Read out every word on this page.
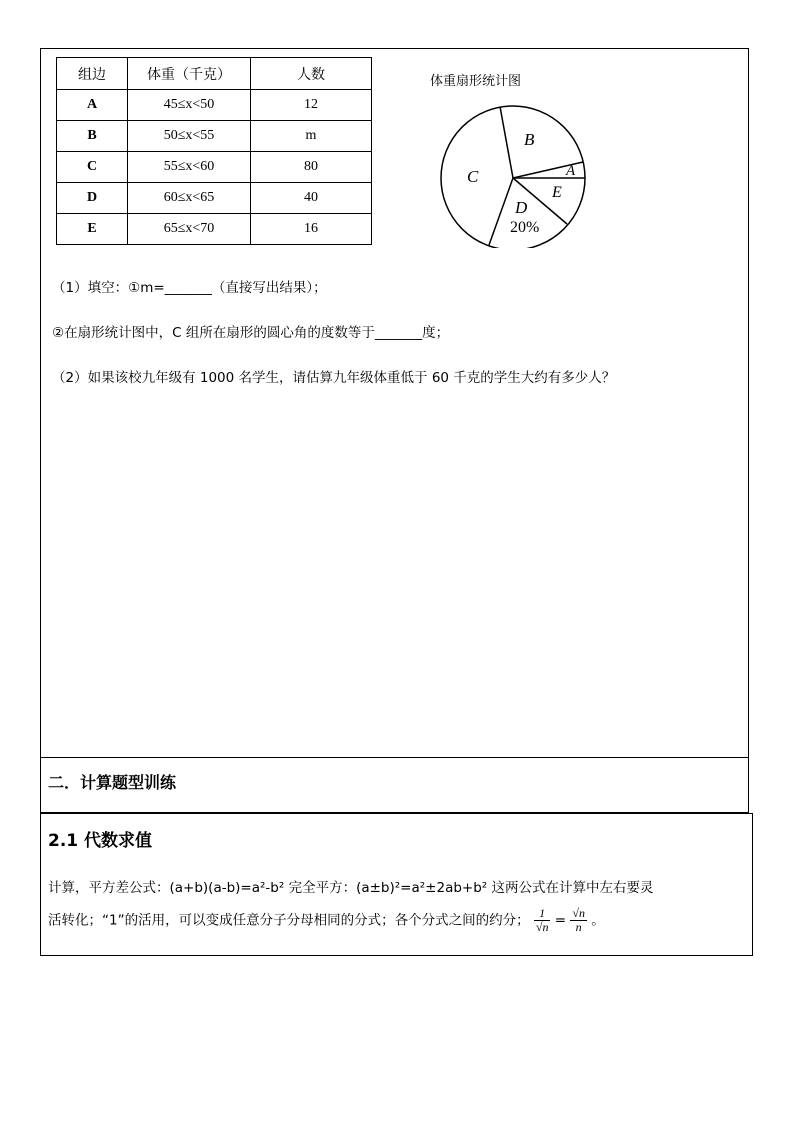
组边	体重（千克）	人数
A	45≤x<50	12
B	50≤x<55	m
C	55≤x<60	80
D	60≤x<65	40
E	65≤x<70	16
体重扇形统计图
B
C	A
E
D
20%
（1）填空：①m=_______（直接写出结果）；
②在扇形统计图中，C 组所在扇形的圆心角的度数等于_______度；
（2）如果该校九年级有 1000 名学生，请估算九年级体重低于 60 千克的学生大约有多少人？
二．计算题型训练
2.1 代数求值
计算，平方差公式：(a+b)(a-b)=a²-b² 完全平方：(a±b)²=a²±2ab+b² 这两公式在计算中左右要灵
活转化；“1”的活用，可以变成任意分子分母相同的分式；各个分式之间的约分； $\frac{1}{√n} = \frac{√n}{n}$ 。
